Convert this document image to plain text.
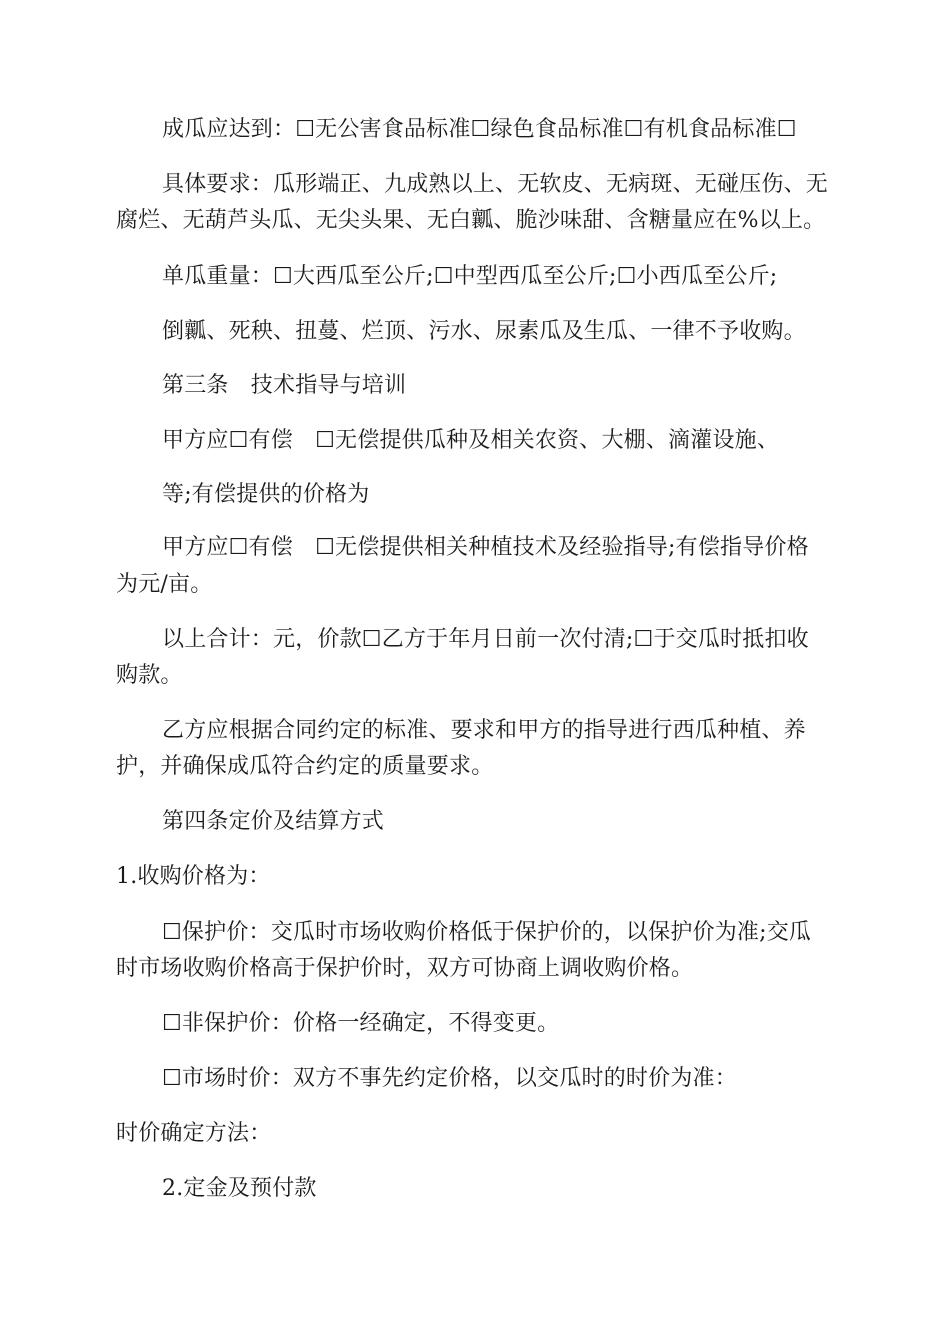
成瓜应达到：☐无公害食品标准☐绿色食品标准☐有机食品标准☐
具体要求：瓜形端正、九成熟以上、无软皮、无病斑、无碰压伤、无
腐烂、无葫芦头瓜、无尖头果、无白瓤、脆沙味甜、含糖量应在%以上。
单瓜重量：☐大西瓜至公斤;☐中型西瓜至公斤;☐小西瓜至公斤;
倒瓤、死秧、扭蔓、烂顶、污水、尿素瓜及生瓜、一律不予收购。
第三条　技术指导与培训
甲方应☐有偿　☐无偿提供瓜种及相关农资、大棚、滴灌设施、
等;有偿提供的价格为
甲方应☐有偿　☐无偿提供相关种植技术及经验指导;有偿指导价格
为元/亩。
以上合计：元，价款☐乙方于年月日前一次付清;☐于交瓜时抵扣收
购款。
乙方应根据合同约定的标准、要求和甲方的指导进行西瓜种植、养
护，并确保成瓜符合约定的质量要求。
第四条定价及结算方式
1.收购价格为：
☐保护价：交瓜时市场收购价格低于保护价的，以保护价为准;交瓜
时市场收购价格高于保护价时，双方可协商上调收购价格。
☐非保护价：价格一经确定，不得变更。
☐市场时价：双方不事先约定价格，以交瓜时的时价为准：
时价确定方法：
2.定金及预付款
